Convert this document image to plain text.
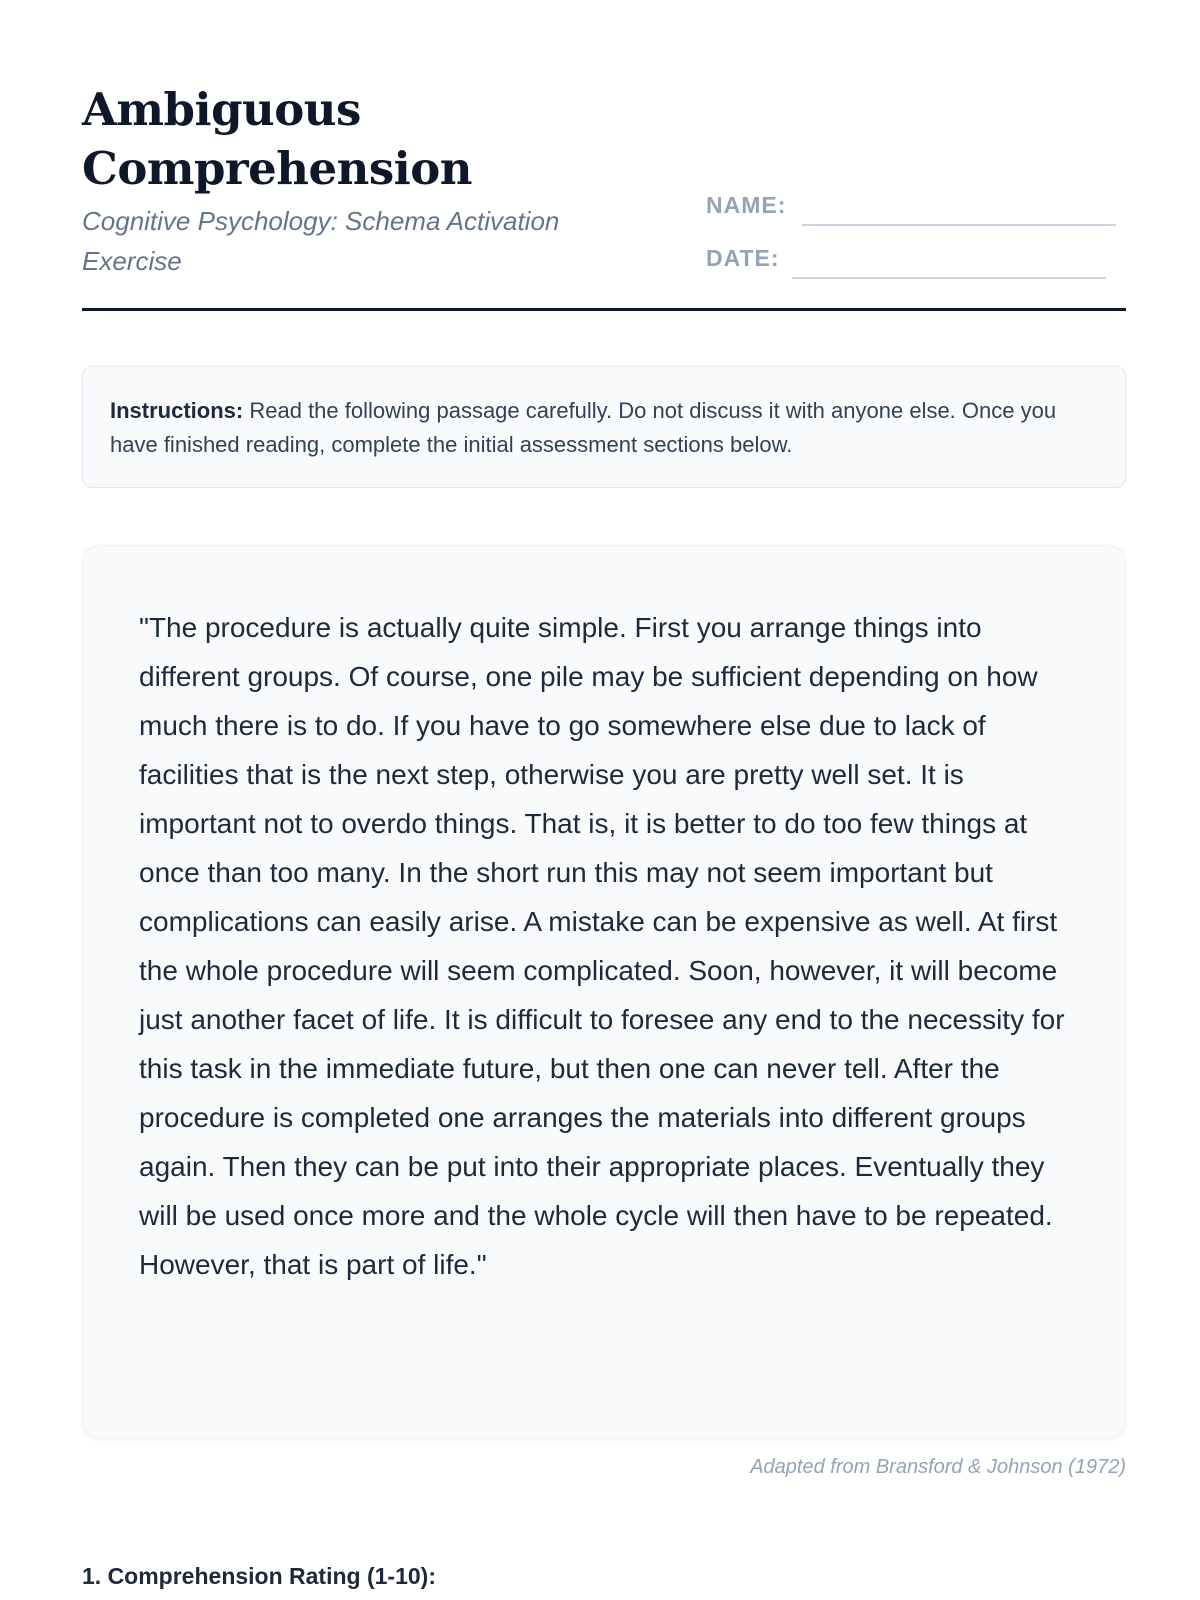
Ambiguous Comprehension

Cognitive Psychology: Schema Activation Exercise

NAME:
DATE:
Instructions: Read the following passage carefully. Do not discuss it with anyone else. Once you have finished reading, complete the initial assessment sections below.

"The procedure is actually quite simple. First you arrange things into different groups. Of course, one pile may be sufficient depending on how much there is to do. If you have to go somewhere else due to lack of facilities that is the next step, otherwise you are pretty well set. It is important not to overdo things. That is, it is better to do too few things at once than too many. In the short run this may not seem important but complications can easily arise. A mistake can be expensive as well. At first the whole procedure will seem complicated. Soon, however, it will become just another facet of life. It is difficult to foresee any end to the necessity for this task in the immediate future, but then one can never tell. After the procedure is completed one arranges the materials into different groups again. Then they can be put into their appropriate places. Eventually they will be used once more and the whole cycle will then have to be repeated. However, that is part of life."

Adapted from Bransford & Johnson (1972)
1. Comprehension Rating (1-10):
